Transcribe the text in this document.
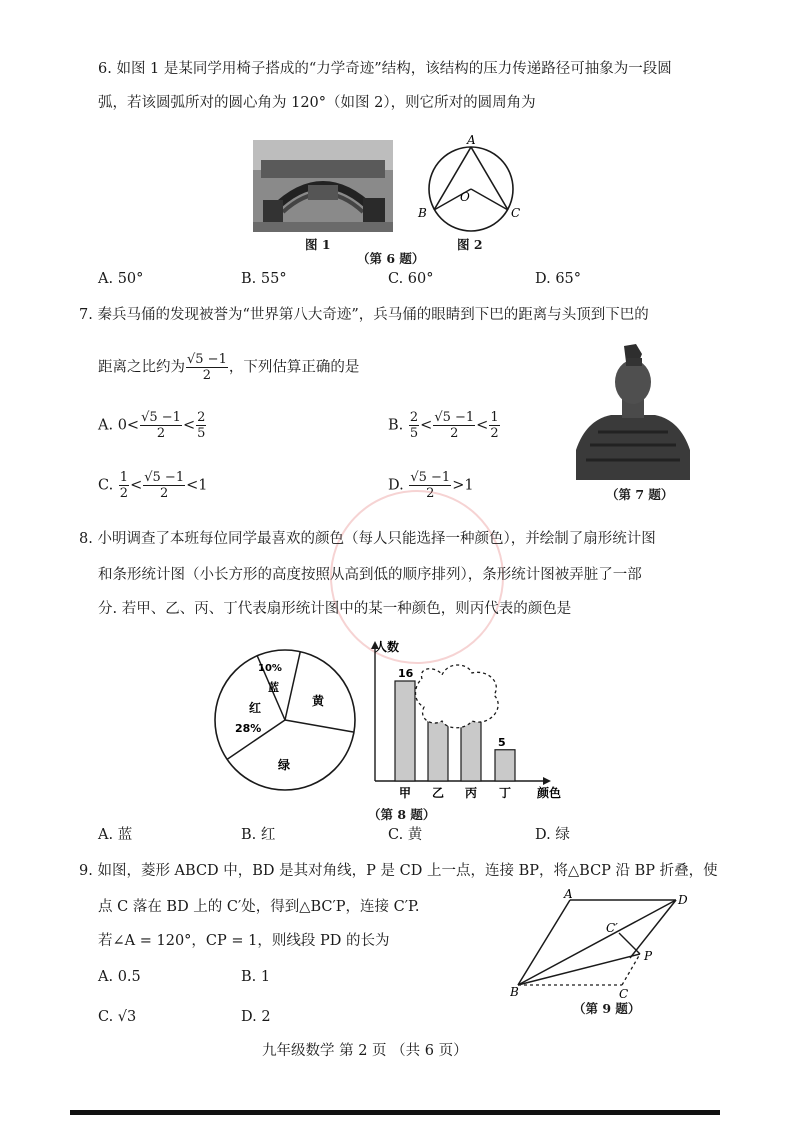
6. 如图 1 是某同学用椅子搭成的“力学奇迹”结构，该结构的压力传递路径可抽象为一段圆
弧，若该圆弧所对的圆心角为 120°（如图 2），则它所对的圆周角为
图 1
A
B	C
O
图 2
（第 6 题）
A. 50°	B. 55°	C. 60°	D. 65°
7. 秦兵马俑的发现被誉为“世界第八大奇迹”，兵马俑的眼睛到下巴的距离与头顶到下巴的
距离之比约为 $\frac{√5 -1}{2}$ ，下列估算正确的是
A. $0< \frac{√5 -1}{2} < \frac{2}{5}$	B. $\frac{2}{5} < \frac{√5 -1}{2} < \frac{1}{2}$
C. $\frac{1}{2} < \frac{√5 -1}{2} <1$	D. $\frac{√5 -1}{2} >1$
（第 7 题）
8. 小明调查了本班每位同学最喜欢的颜色（每人只能选择一种颜色），并绘制了扇形统计图
和条形统计图（小长方形的高度按照从高到低的顺序排列），条形统计图被弄脏了一部
分. 若甲、乙、丙、丁代表扇形统计图中的某一种颜色，则丙代表的颜色是
红
28%
10%
蓝
黄
绿
人数
颜色
甲
16
乙 丙 丁
5
（第 8 题）
A. 蓝	B. 红	C. 黄	D. 绿
9. 如图，菱形 ABCD 中，BD 是其对角线，P 是 CD 上一点，连接 BP，将△BCP 沿 BP 折叠，使
点 C 落在 BD 上的 C′处，得到△BC′P，连接 C′P.
若∠A = 120°，CP = 1，则线段 PD 的长为
A. 0.5	B. 1
C. √3	D. 2
A	D
B	C
P
C′
（第 9 题）
九年级数学 第 2 页 （共 6 页）
